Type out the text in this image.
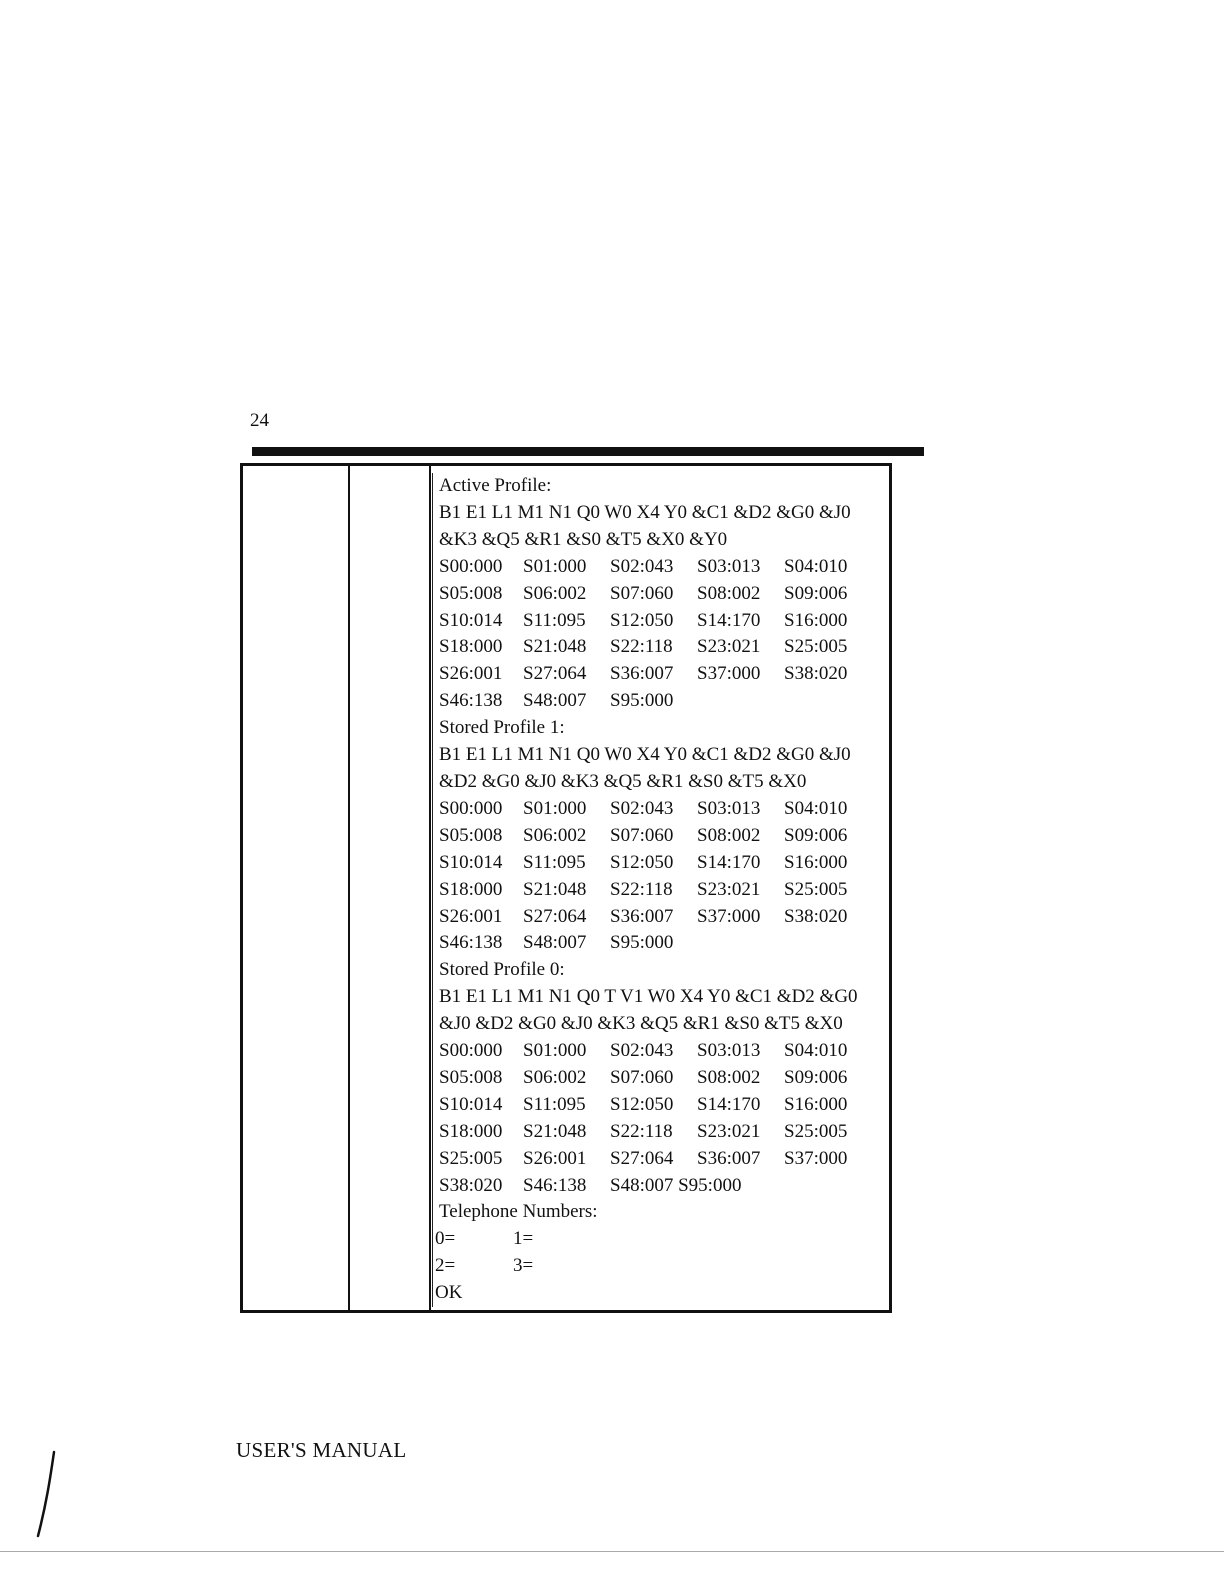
24
Active Profile:
B1 E1 L1 M1 N1 Q0 W0 X4 Y0 &C1 &D2 &G0 &J0
&K3 &Q5 &R1 &S0 &T5 &X0 &Y0
S00:000	S01:000	S02:043	S03:013	S04:010
S05:008	S06:002	S07:060	S08:002	S09:006
S10:014	S11:095	S12:050	S14:170	S16:000
S18:000	S21:048	S22:118	S23:021	S25:005
S26:001	S27:064	S36:007	S37:000	S38:020
S46:138	S48:007	S95:000
Stored Profile 1:
B1 E1 L1 M1 N1 Q0 W0 X4 Y0 &C1 &D2 &G0 &J0
&D2 &G0 &J0 &K3 &Q5 &R1 &S0 &T5 &X0
S00:000	S01:000	S02:043	S03:013	S04:010
S05:008	S06:002	S07:060	S08:002	S09:006
S10:014	S11:095	S12:050	S14:170	S16:000
S18:000	S21:048	S22:118	S23:021	S25:005
S26:001	S27:064	S36:007	S37:000	S38:020
S46:138	S48:007	S95:000
Stored Profile 0:
B1 E1 L1 M1 N1 Q0 T V1 W0 X4 Y0 &C1 &D2 &G0
&J0 &D2 &G0 &J0 &K3 &Q5 &R1 &S0 &T5 &X0
S00:000	S01:000	S02:043	S03:013	S04:010
S05:008	S06:002	S07:060	S08:002	S09:006
S10:014	S11:095	S12:050	S14:170	S16:000
S18:000	S21:048	S22:118	S23:021	S25:005
S25:005	S26:001	S27:064	S36:007	S37:000
S38:020	S46:138	S48:007 S95:000
Telephone Numbers:
0=	1=
2=	3=
OK
USER'S MANUAL
